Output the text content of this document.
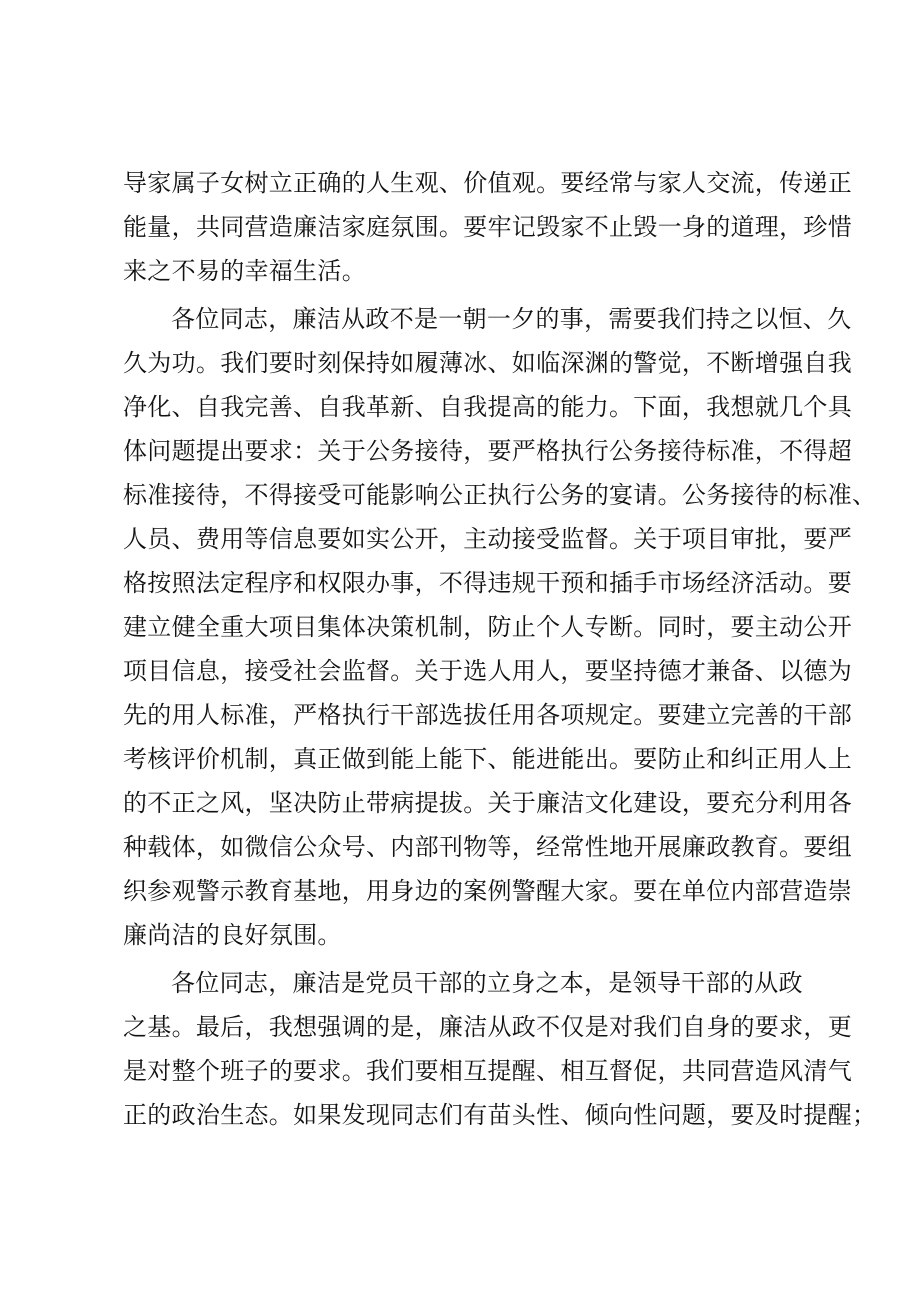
导家属子女树立正确的人生观、价值观。要经常与家人交流，传递正
能量，共同营造廉洁家庭氛围。要牢记毁家不止毁一身的道理，珍惜
来之不易的幸福生活。
各位同志，廉洁从政不是一朝一夕的事，需要我们持之以恒、久
久为功。我们要时刻保持如履薄冰、如临深渊的警觉，不断增强自我
净化、自我完善、自我革新、自我提高的能力。下面，我想就几个具
体问题提出要求：关于公务接待，要严格执行公务接待标准，不得超
标准接待，不得接受可能影响公正执行公务的宴请。公务接待的标准、
人员、费用等信息要如实公开，主动接受监督。关于项目审批，要严
格按照法定程序和权限办事，不得违规干预和插手市场经济活动。要
建立健全重大项目集体决策机制，防止个人专断。同时，要主动公开
项目信息，接受社会监督。关于选人用人，要坚持德才兼备、以德为
先的用人标准，严格执行干部选拔任用各项规定。要建立完善的干部
考核评价机制，真正做到能上能下、能进能出。要防止和纠正用人上
的不正之风，坚决防止带病提拔。关于廉洁文化建设，要充分利用各
种载体，如微信公众号、内部刊物等，经常性地开展廉政教育。要组
织参观警示教育基地，用身边的案例警醒大家。要在单位内部营造崇
廉尚洁的良好氛围。
各位同志，廉洁是党员干部的立身之本，是领导干部的从政
之基。最后，我想强调的是，廉洁从政不仅是对我们自身的要求，更
是对整个班子的要求。我们要相互提醒、相互督促，共同营造风清气
正的政治生态。如果发现同志们有苗头性、倾向性问题，要及时提醒；
